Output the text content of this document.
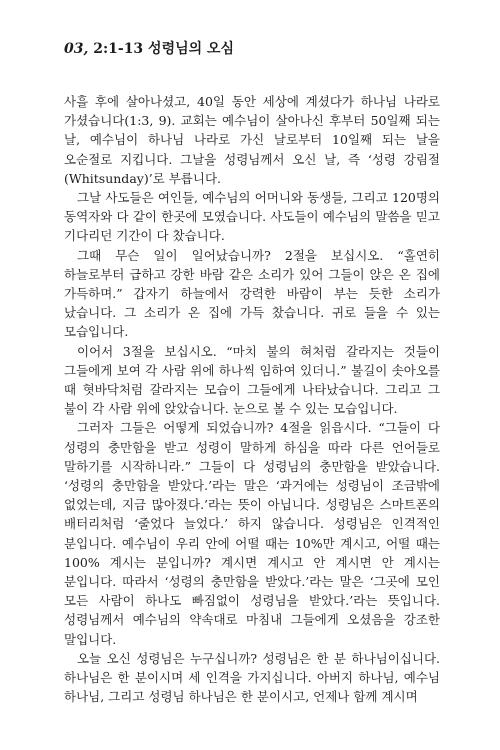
03, 2:1-13 성령님의 오심

사흘 후에 살아나셨고, 40일 동안 세상에 계셨다가 하나님 나라로 가셨습니다(1:3, 9). 교회는 예수님이 살아나신 후부터 50일째 되는 날, 예수님이 하나님 나라로 가신 날로부터 10일째 되는 날을 오순절로 지킵니다. 그날을 성령님께서 오신 날, 즉 ‘성령 강림절(Whitsunday)’로 부릅니다.

그날 사도들은 여인들, 예수님의 어머니와 동생들, 그리고 120명의 동역자와 다 같이 한곳에 모였습니다. 사도들이 예수님의 말씀을 믿고 기다리던 기간이 다 찼습니다.

그때 무슨 일이 일어났습니까? 2절을 보십시오. “홀연히 하늘로부터 급하고 강한 바람 같은 소리가 있어 그들이 앉은 온 집에 가득하며.” 갑자기 하늘에서 강력한 바람이 부는 듯한 소리가 났습니다. 그 소리가 온 집에 가득 찼습니다. 귀로 들을 수 있는 모습입니다.

이어서 3절을 보십시오. “마치 불의 혀처럼 갈라지는 것들이 그들에게 보여 각 사람 위에 하나씩 임하여 있더니.” 불길이 솟아오를 때 혓바닥처럼 갈라지는 모습이 그들에게 나타났습니다. 그리고 그 불이 각 사람 위에 앉았습니다. 눈으로 볼 수 있는 모습입니다.

그러자 그들은 어떻게 되었습니까? 4절을 읽읍시다. “그들이 다 성령의 충만함을 받고 성령이 말하게 하심을 따라 다른 언어들로 말하기를 시작하니라.” 그들이 다 성령님의 충만함을 받았습니다. ‘성령의 충만함을 받았다.’라는 말은 ‘과거에는 성령님이 조금밖에 없었는데, 지금 많아졌다.’라는 뜻이 아닙니다. 성령님은 스마트폰의 배터리처럼 ‘줄었다 늘었다.’ 하지 않습니다. 성령님은 인격적인 분입니다. 예수님이 우리 안에 어떨 때는 10%만 계시고, 어떨 때는 100% 계시는 분입니까? 계시면 계시고 안 계시면 안 계시는 분입니다. 따라서 ‘성령의 충만함을 받았다.’라는 말은 ‘그곳에 모인 모든 사람이 하나도 빠짐없이 성령님을 받았다.’라는 뜻입니다. 성령님께서 예수님의 약속대로 마침내 그들에게 오셨음을 강조한 말입니다.

오늘 오신 성령님은 누구십니까? 성령님은 한 분 하나님이십니다. 하나님은 한 분이시며 세 인격을 가지십니다. 아버지 하나님, 예수님 하나님, 그리고 성령님 하나님은 한 분이시고, 언제나 함께 계시며
